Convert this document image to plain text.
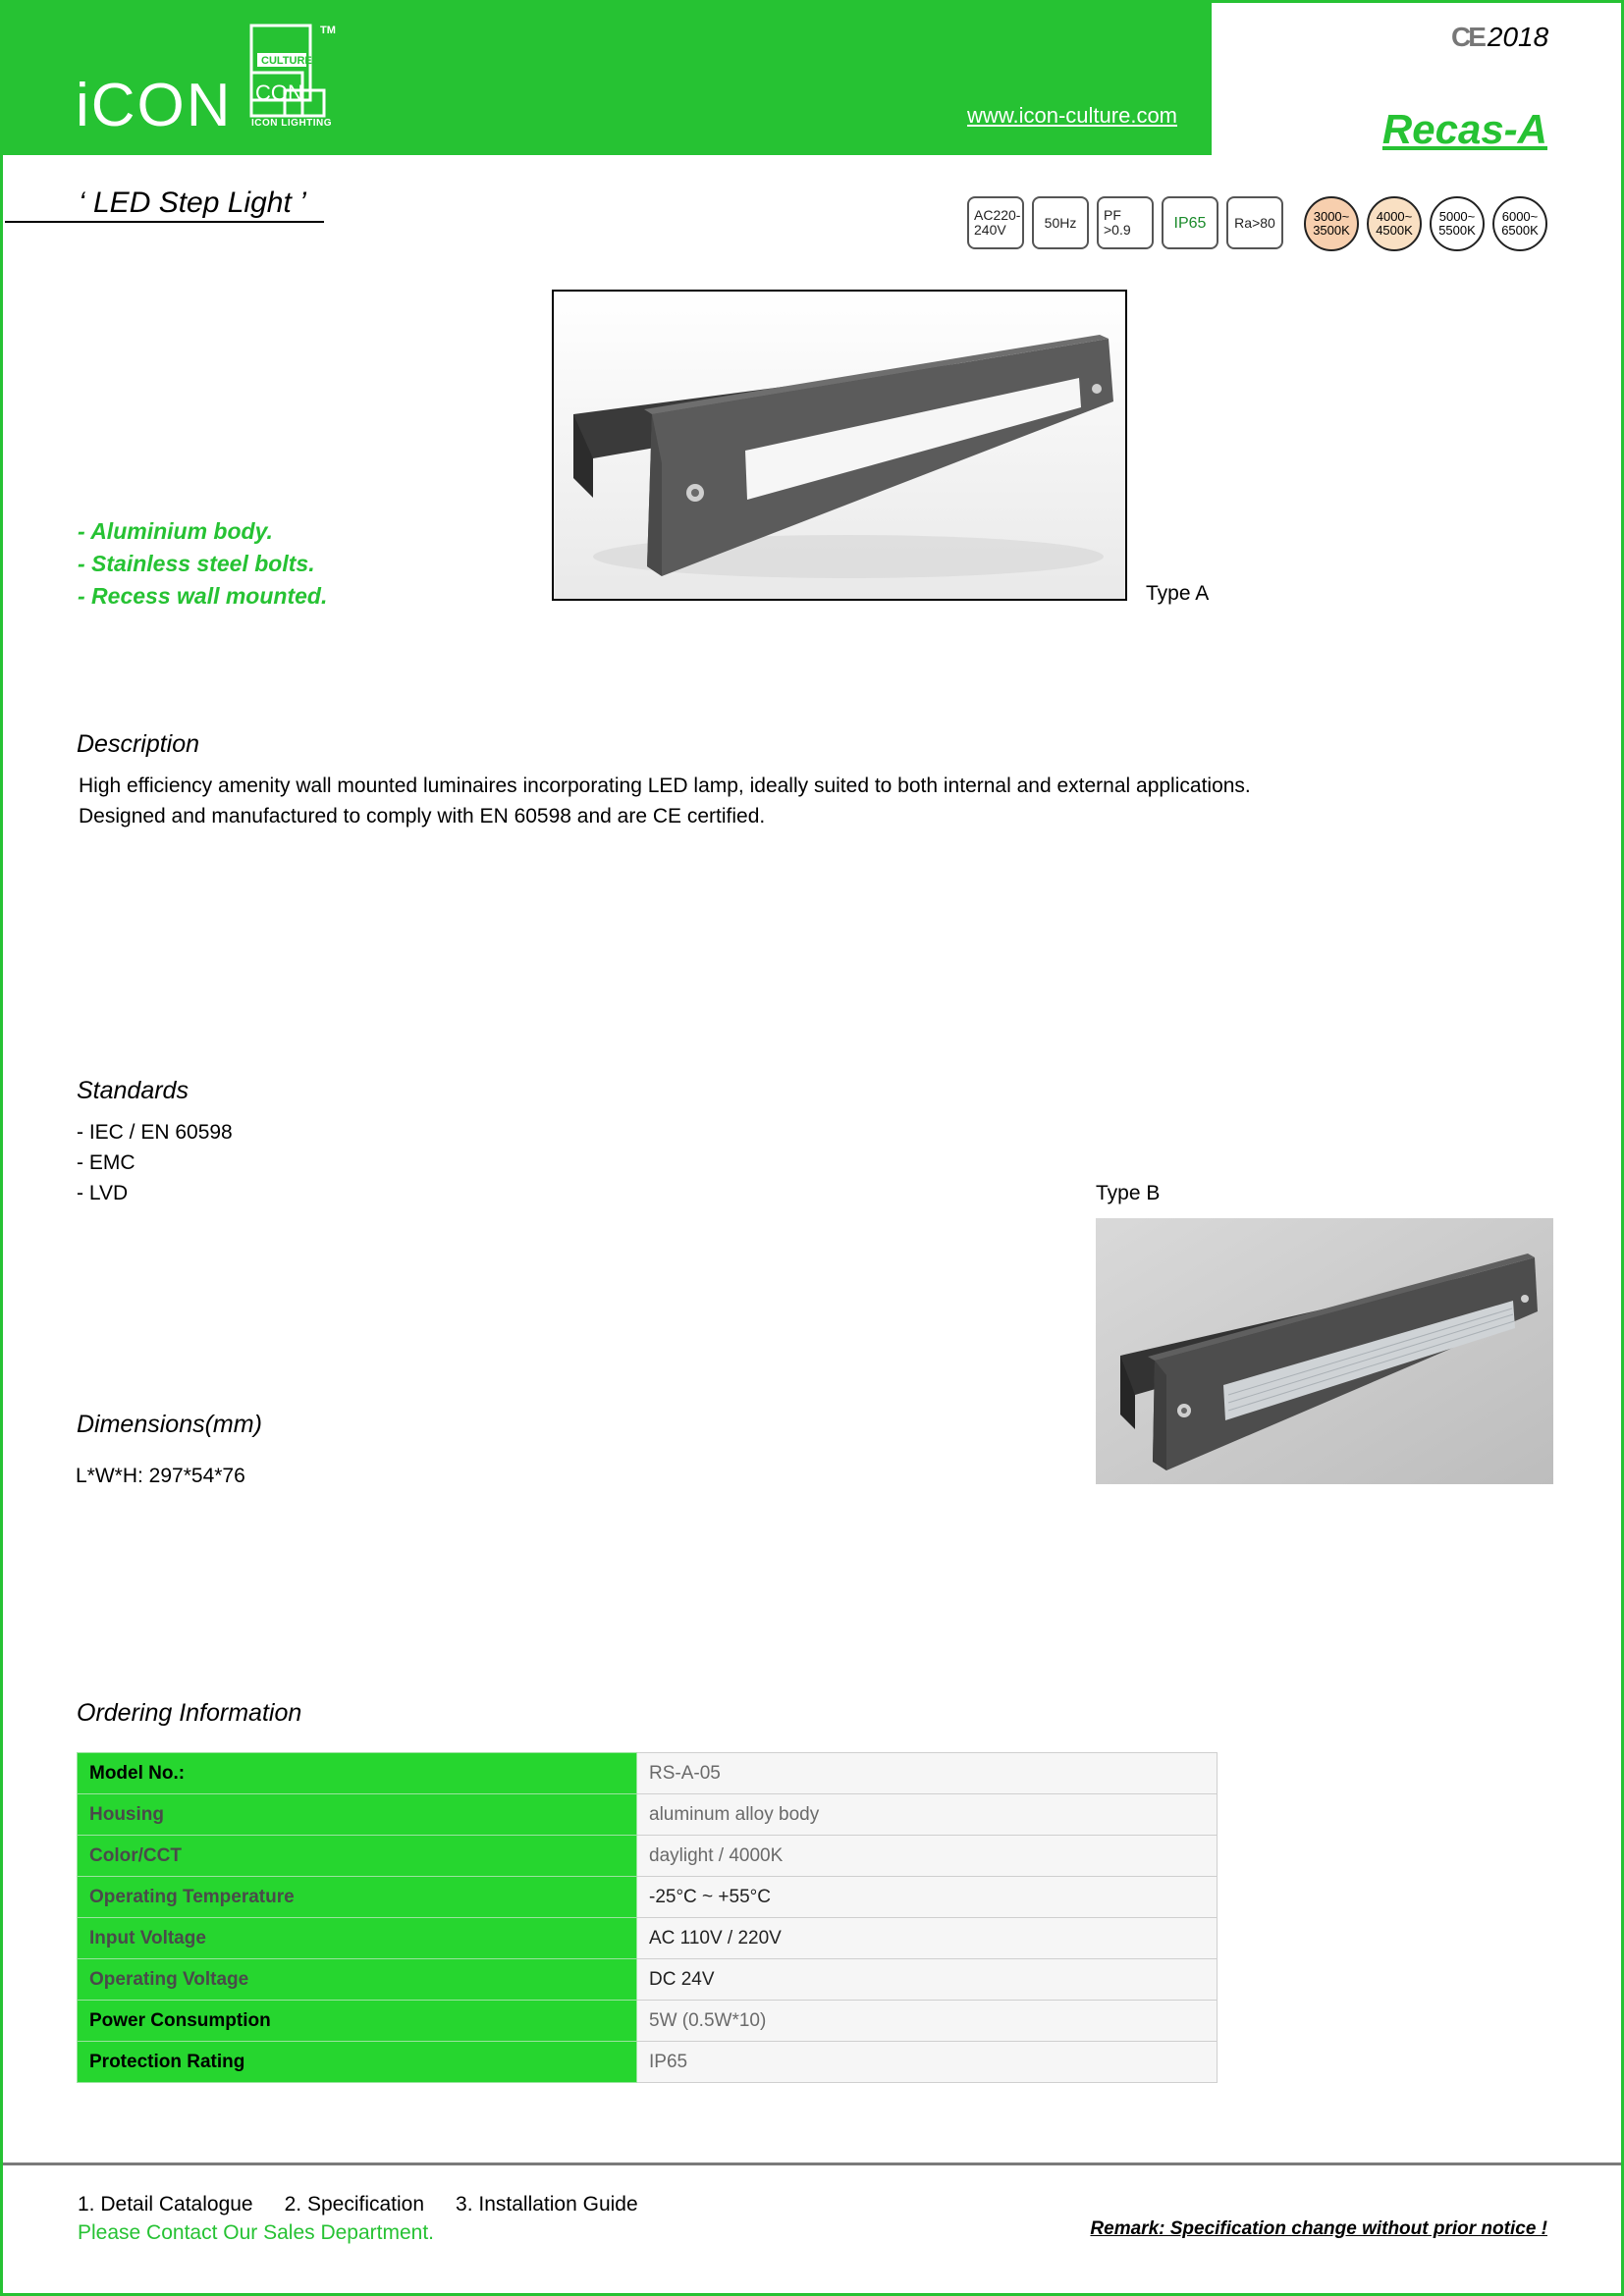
iCON
CULTURE
CON
TM
ICON LIGHTING	www.icon-culture.com
CE 2018
Recas-A
‘ LED Step Light ’	AC220-
240V	50Hz PF
>0.9	IP65 Ra>80	3000~
3500K
4000~
4500K
5000~
5500K
6000~
6500K
Type A
- Aluminium body.
- Stainless steel bolts.
- Recess wall mounted.
Description
High efficiency amenity wall mounted luminaires incorporating LED lamp, ideally suited to both internal and external applications.
Designed and manufactured to comply with EN 60598 and are CE certified.
Standards
- IEC / EN 60598
- EMC
- LVD	Type B
Dimensions(mm)
L*W*H: 297*54*76
Ordering Information
Model No.:	RS-A-05
Housing	aluminum alloy body
Color/CCT	daylight / 4000K
Operating Temperature	-25°C ~ +55°C
Input Voltage	AC 110V / 220V
Operating Voltage	DC 24V
Power Consumption	5W (0.5W*10)
Protection Rating	IP65
1. Detail Catalogue 2. Specification 3. Installation Guide
Please Contact Our Sales Department.	Remark: Specification change without prior notice !
